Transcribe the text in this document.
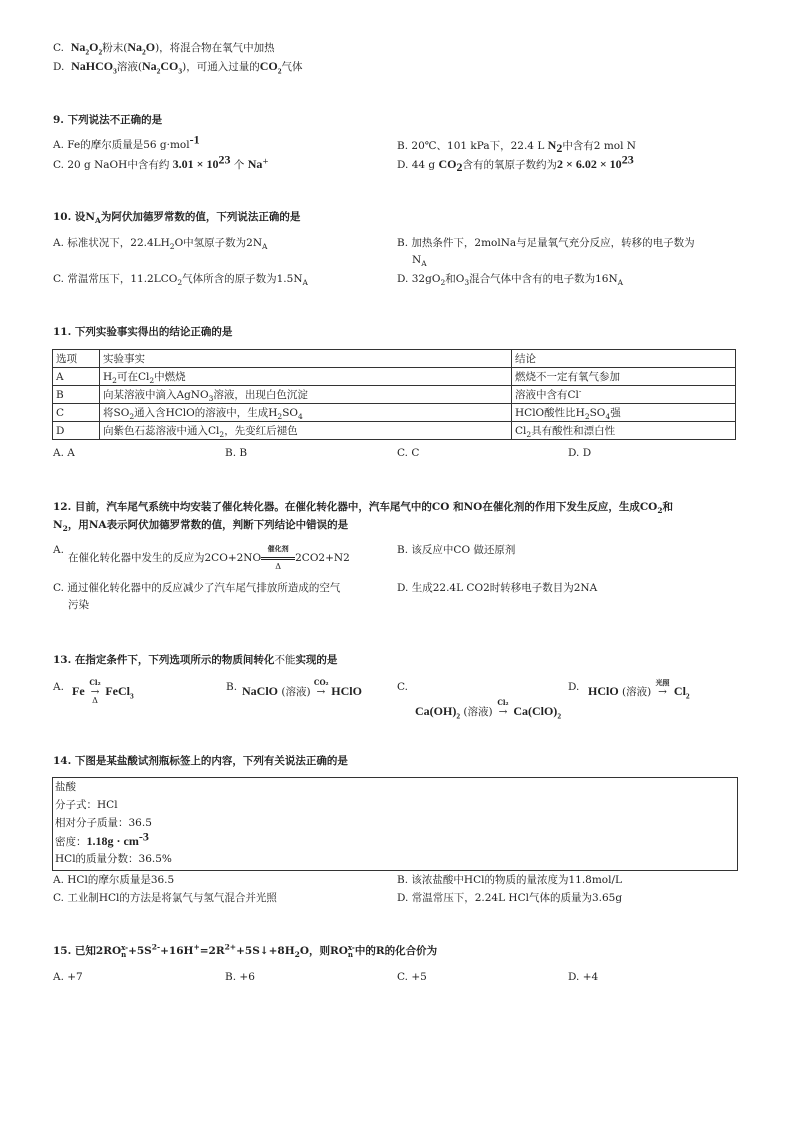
C. $Na_2O_2$粉末$(Na_2O)$，将混合物在氧气中加热
D. NaHCO$_3$溶液$(Na_2CO_3)$，可通入过量的$CO_2$气体
9. 下列说法不正确的是
A. Fe的摩尔质量是56 g·mol$^{-1}$	B. 20℃、101 kPa下，22.4 L $N_2$中含有2 mol N
C. 20 g NaOH中含有约 $3.01 \times 10^{23}$ 个 Na+	D. 44 g $CO_2$含有的氧原子数约为$2 \times 6.02 \times 10^{23}$
10. 设$N_A$为阿伏加德罗常数的值，下列说法正确的是
A. 标准状况下，$22.4LH_2O$中氢原子数为$2N_A$	B. 加热条件下，2molNa与足量氧气充分反应，转移的电子数为
$N_A$
C. 常温常压下，$11.2LCO_2$气体所含的原子数为$1.5N_A$	D. $32gO_2$和$O_3$混合气体中含有的电子数为$16N_A$
11. 下列实验事实得出的结论正确的是
选项	实验事实	结论
A	$H_2$可在$Cl_2$中燃烧	燃烧不一定有氧气参加
B	向某溶液中滴入AgNO$_3$溶液，出现白色沉淀	溶液中含有Cl-
C	将$SO_2$通入含HClO的溶液中，生成$H_2SO_4$	HClO酸性比$H_2SO_4$强
D	向紫色石蕊溶液中通入$Cl_2$，先变红后褪色	$Cl_2$具有酸性和漂白性
A. A	B. B	C. C	D. D
12. 目前，汽车尾气系统中均安装了催化转化器。在催化转化器中，汽车尾气中的CO 和NO在催化剂的作用下发生反应，生成$CO_2$和
$N_2$，用NA表示阿伏加德罗常数的值，判断下列结论中错误的是
A.
在催化转化器中发生的反应为2CO+2NO
催化剂
Δ
2CO2+N2
B. 该反应中CO 做还原剂
C. 通过催化转化器中的反应减少了汽车尾气排放所造成的空气
污染
D. 生成22.4L CO2时转移电子数目为2NA
13. 在指定条件下，下列选项所示的物质间转化不能实现的是
A. Fe
Cl₂
→
Δ
FeCl$_3$
B. NaClO (溶液)
CO₂
→ HClO	C.
$Ca(OH)_2$ (溶液)
Cl₂
→ $Ca(ClO)_2$
D. HClO (溶液)
光照
→ $Cl_2$
14. 下图是某盐酸试剂瓶标签上的内容，下列有关说法正确的是
盐酸
分子式：HCl
相对分子质量：36.5
密度：$1.18g \cdot cm^{-3}$
HCl的质量分数：36.5%
A. HCl的摩尔质量是36.5	B. 该浓盐酸中HCl的物质的量浓度为11.8mol/L
C. 工业制HCl的方法是将氯气与氢气混合并光照	D. 常温常压下，2.24L HCl气体的质量为3.65g
15. 已知2RO x-
$n +5S^{2-}+16H^+=2R^{2+}+5S↓+8H_2O$，则RO x-
n 中的R的化合价为
A. +7	B. +6	C. +5	D. +4
